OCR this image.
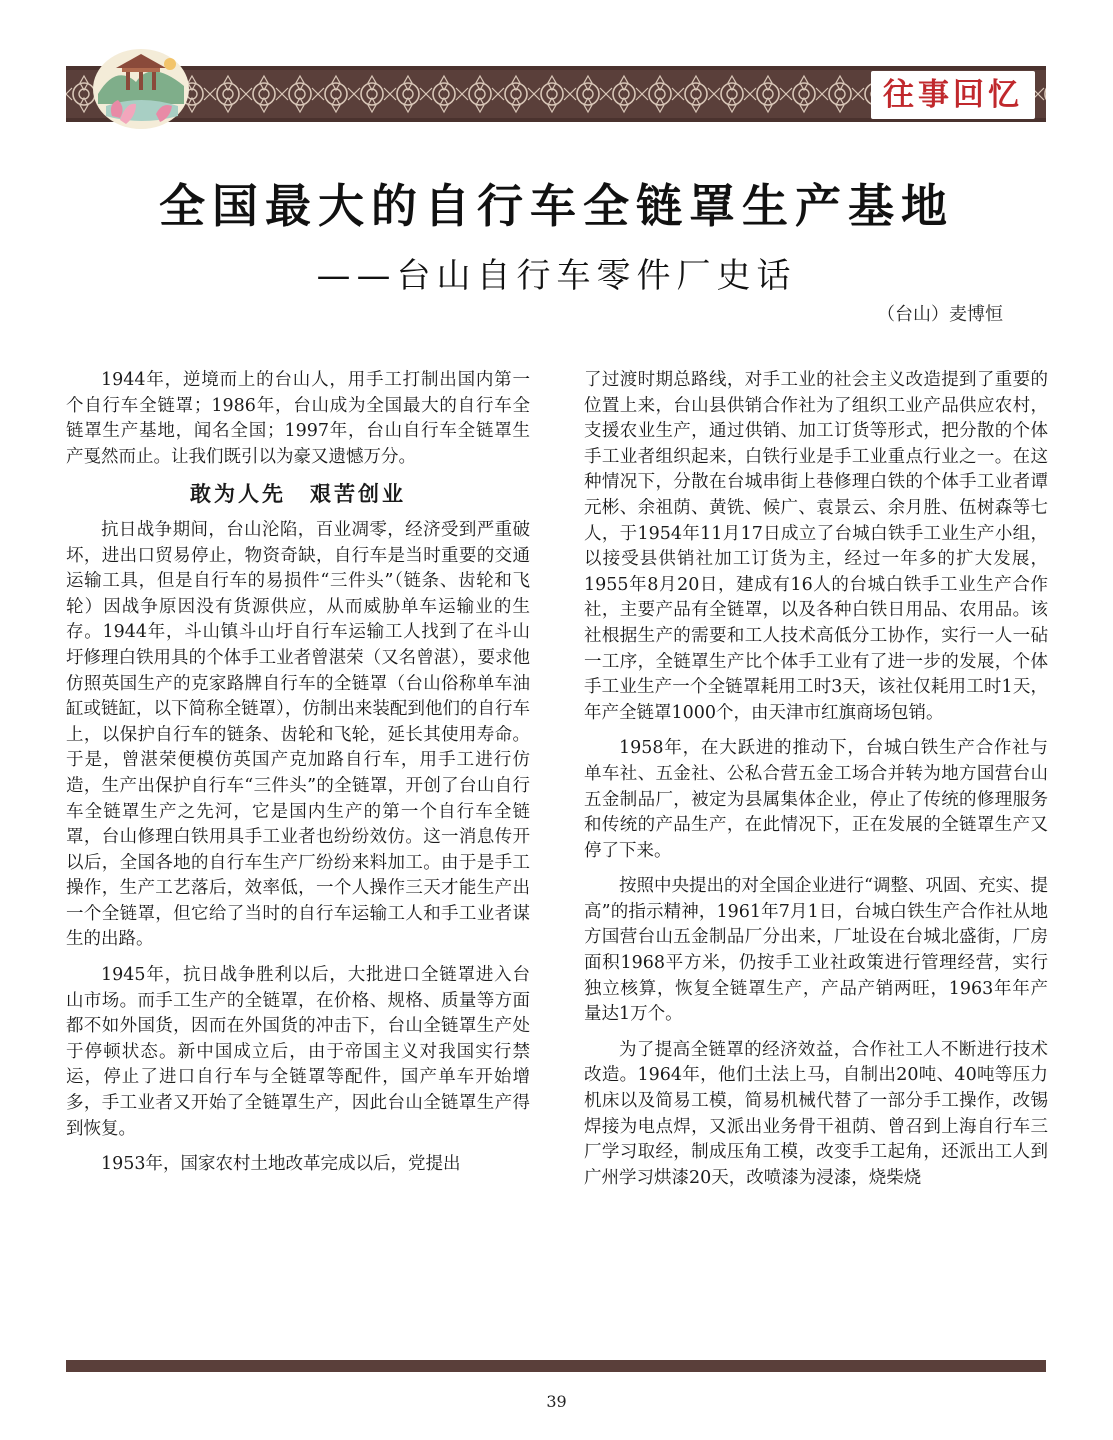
往事回忆
全国最大的自行车全链罩生产基地
——台山自行车零件厂史话
（台山）麦博恒

1944年，逆境而上的台山人，用手工打制出国内第一个自行车全链罩；1986年，台山成为全国最大的自行车全链罩生产基地，闻名全国；1997年，台山自行车全链罩生产戛然而止。让我们既引以为豪又遗憾万分。

敢为人先　艰苦创业

抗日战争期间，台山沦陷，百业凋零，经济受到严重破坏，进出口贸易停止，物资奇缺，自行车是当时重要的交通运输工具，但是自行车的易损件“三件头”（链条、齿轮和飞轮）因战争原因没有货源供应，从而威胁单车运输业的生存。1944年，斗山镇斗山圩自行车运输工人找到了在斗山圩修理白铁用具的个体手工业者曾湛荣（又名曾湛），要求他仿照英国生产的克家路牌自行车的全链罩（台山俗称单车油缸或链缸，以下简称全链罩），仿制出来装配到他们的自行车上，以保护自行车的链条、齿轮和飞轮，延长其使用寿命。于是，曾湛荣便模仿英国产克加路自行车，用手工进行仿造，生产出保护自行车“三件头”的全链罩，开创了台山自行车全链罩生产之先河，它是国内生产的第一个自行车全链罩，台山修理白铁用具手工业者也纷纷效仿。这一消息传开以后，全国各地的自行车生产厂纷纷来料加工。由于是手工操作，生产工艺落后，效率低，一个人操作三天才能生产出一个全链罩，但它给了当时的自行车运输工人和手工业者谋生的出路。

1945年，抗日战争胜利以后，大批进口全链罩进入台山市场。而手工生产的全链罩，在价格、规格、质量等方面都不如外国货，因而在外国货的冲击下，台山全链罩生产处于停顿状态。新中国成立后，由于帝国主义对我国实行禁运，停止了进口自行车与全链罩等配件，国产单车开始增多，手工业者又开始了全链罩生产，因此台山全链罩生产得到恢复。

1953年，国家农村土地改革完成以后，党提出

了过渡时期总路线，对手工业的社会主义改造提到了重要的位置上来，台山县供销合作社为了组织工业产品供应农村，支援农业生产，通过供销、加工订货等形式，把分散的个体手工业者组织起来，白铁行业是手工业重点行业之一。在这种情况下，分散在台城串街上巷修理白铁的个体手工业者谭元彬、余祖荫、黄铣、候广、袁景云、余月胜、伍树森等七人，于1954年11月17日成立了台城白铁手工业生产小组，以接受县供销社加工订货为主，经过一年多的扩大发展，1955年8月20日，建成有16人的台城白铁手工业生产合作社，主要产品有全链罩，以及各种白铁日用品、农用品。该社根据生产的需要和工人技术高低分工协作，实行一人一砧一工序，全链罩生产比个体手工业有了进一步的发展，个体手工业生产一个全链罩耗用工时3天，该社仅耗用工时1天，年产全链罩1000个，由天津市红旗商场包销。

1958年，在大跃进的推动下，台城白铁生产合作社与单车社、五金社、公私合营五金工场合并转为地方国营台山五金制品厂，被定为县属集体企业，停止了传统的修理服务和传统的产品生产，在此情况下，正在发展的全链罩生产又停了下来。

按照中央提出的对全国企业进行“调整、巩固、充实、提高”的指示精神，1961年7月1日，台城白铁生产合作社从地方国营台山五金制品厂分出来，厂址设在台城北盛街，厂房面积1968平方米，仍按手工业社政策进行管理经营，实行独立核算，恢复全链罩生产，产品产销两旺，1963年年产量达1万个。

为了提高全链罩的经济效益，合作社工人不断进行技术改造。1964年，他们土法上马，自制出20吨、40吨等压力机床以及简易工模，简易机械代替了一部分手工操作，改锡焊接为电点焊，又派出业务骨干祖荫、曾召到上海自行车三厂学习取经，制成压角工模，改变手工起角，还派出工人到广州学习烘漆20天，改喷漆为浸漆，烧柴烧

39
